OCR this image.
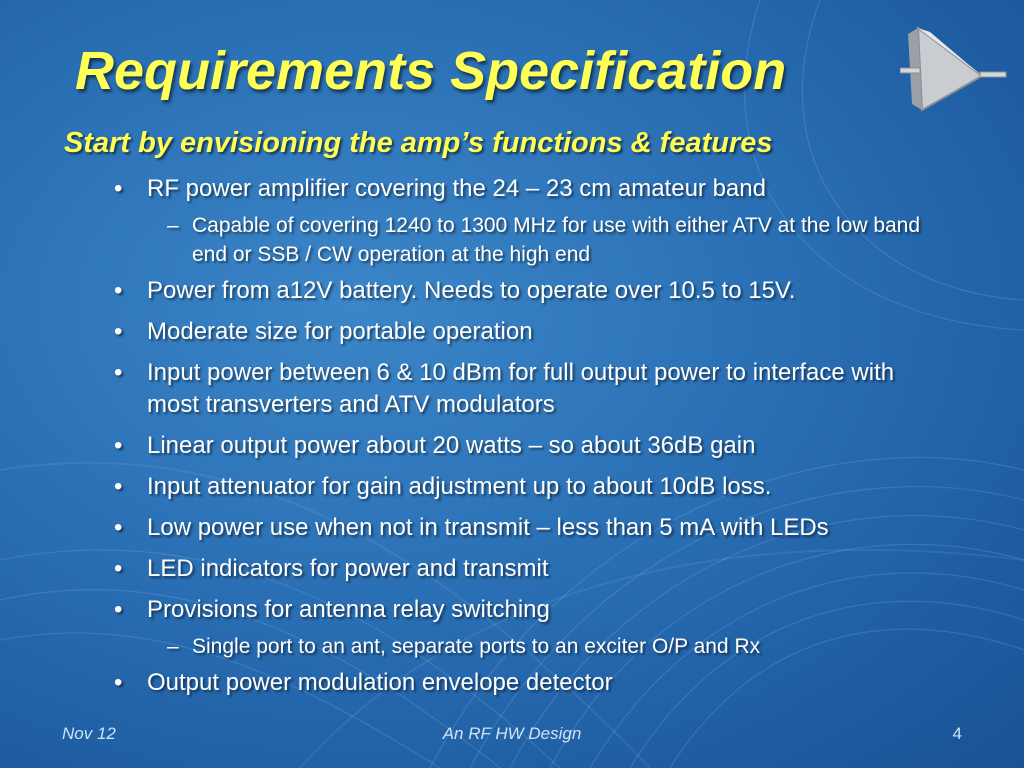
Requirements Specification
Start by envisioning the amp’s functions & features
• RF power amplifier covering the 24 – 23 cm amateur band
– Capable of covering 1240 to 1300 MHz for use with either ATV at the low band end or SSB / CW operation at the high end
• Power from a12V battery. Needs to operate over 10.5 to 15V.
• Moderate size for portable operation
• Input power between 6 & 10 dBm for full output power to interface with most transverters and ATV modulators
• Linear output power about 20 watts – so about 36dB gain
• Input attenuator for gain adjustment up to about 10dB loss.
• Low power use when not in transmit – less than 5 mA with LEDs
• LED indicators for power and transmit
• Provisions for antenna relay switching
– Single port to an ant, separate ports to an exciter O/P and Rx
• Output power modulation envelope detector

Nov 12	An RF HW Design	4
